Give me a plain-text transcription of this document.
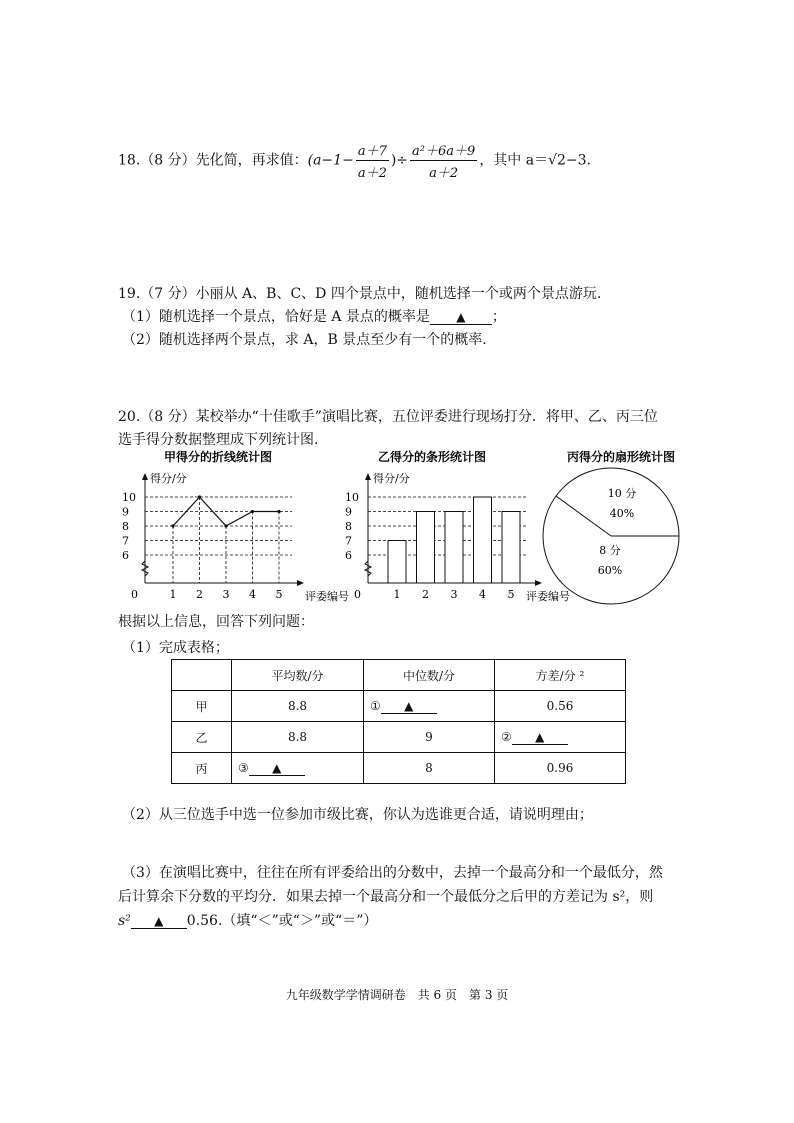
18.（8 分）先化简，再求值：($a-1- \frac{a+7}{a+2}$ )÷ $\frac{\text{a²＋6a＋9}}{a+2}$ ，其中 a＝√2−3.
19.（7 分）小丽从 A、B、C、D 四个景点中，随机选择一个或两个景点游玩.
（1）随机选择一个景点，恰好是 A 景点的概率是 ▲ ；
（2）随机选择两个景点，求 A，B 景点至少有一个的概率.
20.（8 分）某校举办“十佳歌手”演唱比赛，五位评委进行现场打分．将甲、乙、丙三位
选手得分数据整理成下列统计图.
甲得分的折线统计图
得分/分
评委编号
0
6
7
8
9
10
1 2 3 4 5
乙得分的条形统计图
得分/分
评委编号
0
6
7
8
9
10
1 2 3 4 5
丙得分的扇形统计图
10 分
40%
8 分
60%
根据以上信息，回答下列问题：
（1）完成表格；
	平均数/分	中位数/分	方差/分 ²
甲	8.8	① ▲	0.56
乙	8.8	9	② ▲
丙	③ ▲	8	0.96
（2）从三位选手中选一位参加市级比赛，你认为选谁更合适，请说明理由；
（3）在演唱比赛中，往往在所有评委给出的分数中，去掉一个最高分和一个最低分，然
后计算余下分数的平均分．如果去掉一个最高分和一个最低分之后甲的方差记为 s²，则
s² ▲ 0.56.（填“＜”或“＞”或“＝”）
九年级数学学情调研卷　共 6 页　第 3 页
